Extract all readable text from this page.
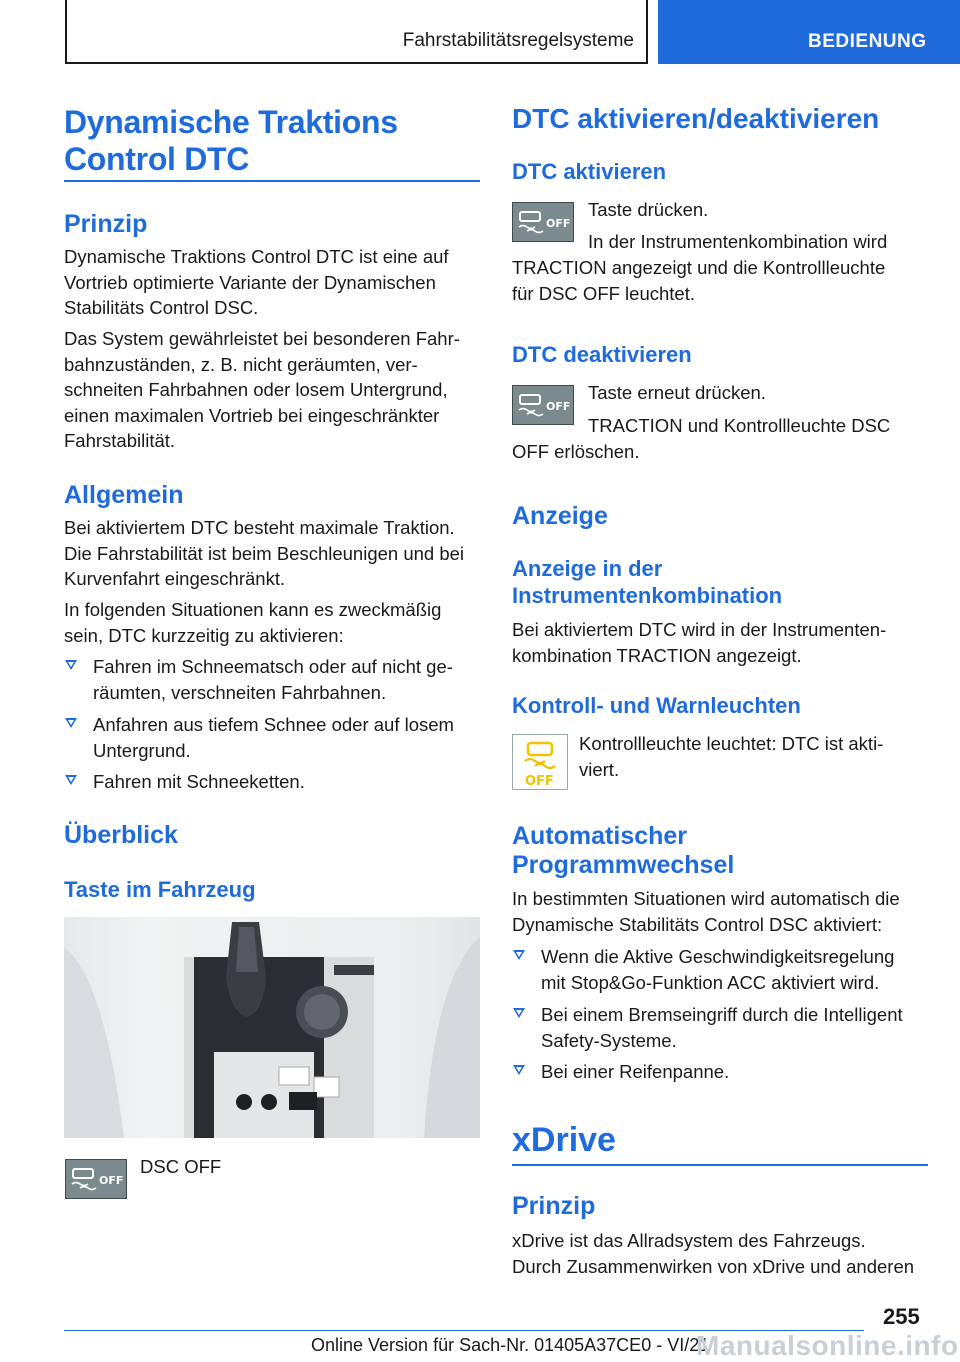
Fahrstabilitätsregelsysteme	BEDIENUNG
Dynamische Traktions
Control DTC
Prinzip
Dynamische Traktions Control DTC ist eine auf
Vortrieb optimierte Variante der Dynamischen
Stabilitäts Control DSC.
Das System gewährleistet bei besonderen Fahr-
bahnzuständen, z. B. nicht geräumten, ver-
schneiten Fahrbahnen oder losem Untergrund,
einen maximalen Vortrieb bei eingeschränkter
Fahrstabilität.
Allgemein
Bei aktiviertem DTC besteht maximale Traktion.
Die Fahrstabilität ist beim Beschleunigen und bei
Kurvenfahrt eingeschränkt.
In folgenden Situationen kann es zweckmäßig
sein, DTC kurzzeitig zu aktivieren:
Fahren im Schneematsch oder auf nicht ge-
räumten, verschneiten Fahrbahnen.
Anfahren aus tiefem Schnee oder auf losem
Untergrund.
Fahren mit Schneeketten.
Überblick
Taste im Fahrzeug
OFF
DSC OFF
DTC aktivieren/deaktivieren
DTC aktivieren
OFF
Taste drücken.
In der Instrumentenkombination wird
TRACTION angezeigt und die Kontrollleuchte
für DSC OFF leuchtet.
DTC deaktivieren
OFF
Taste erneut drücken.
TRACTION und Kontrollleuchte DSC
OFF erlöschen.
Anzeige
Anzeige in der
Instrumentenkombination
Bei aktiviertem DTC wird in der Instrumenten-
kombination TRACTION angezeigt.
Kontroll- und Warnleuchten
OFF
Kontrollleuchte leuchtet: DTC ist akti-
viert.
Automatischer
Programmwechsel
In bestimmten Situationen wird automatisch die
Dynamische Stabilitäts Control DSC aktiviert:
Wenn die Aktive Geschwindigkeitsregelung
mit Stop&Go-Funktion ACC aktiviert wird.
Bei einem Bremseingriff durch die Intelligent
Safety-Systeme.
Bei einer Reifenpanne.
xDrive
Prinzip
xDrive ist das Allradsystem des Fahrzeugs.
Durch Zusammenwirken von xDrive und anderen
255
Online Version für Sach-Nr. 01405A37CE0 - VI/21
Manualsonline.info
